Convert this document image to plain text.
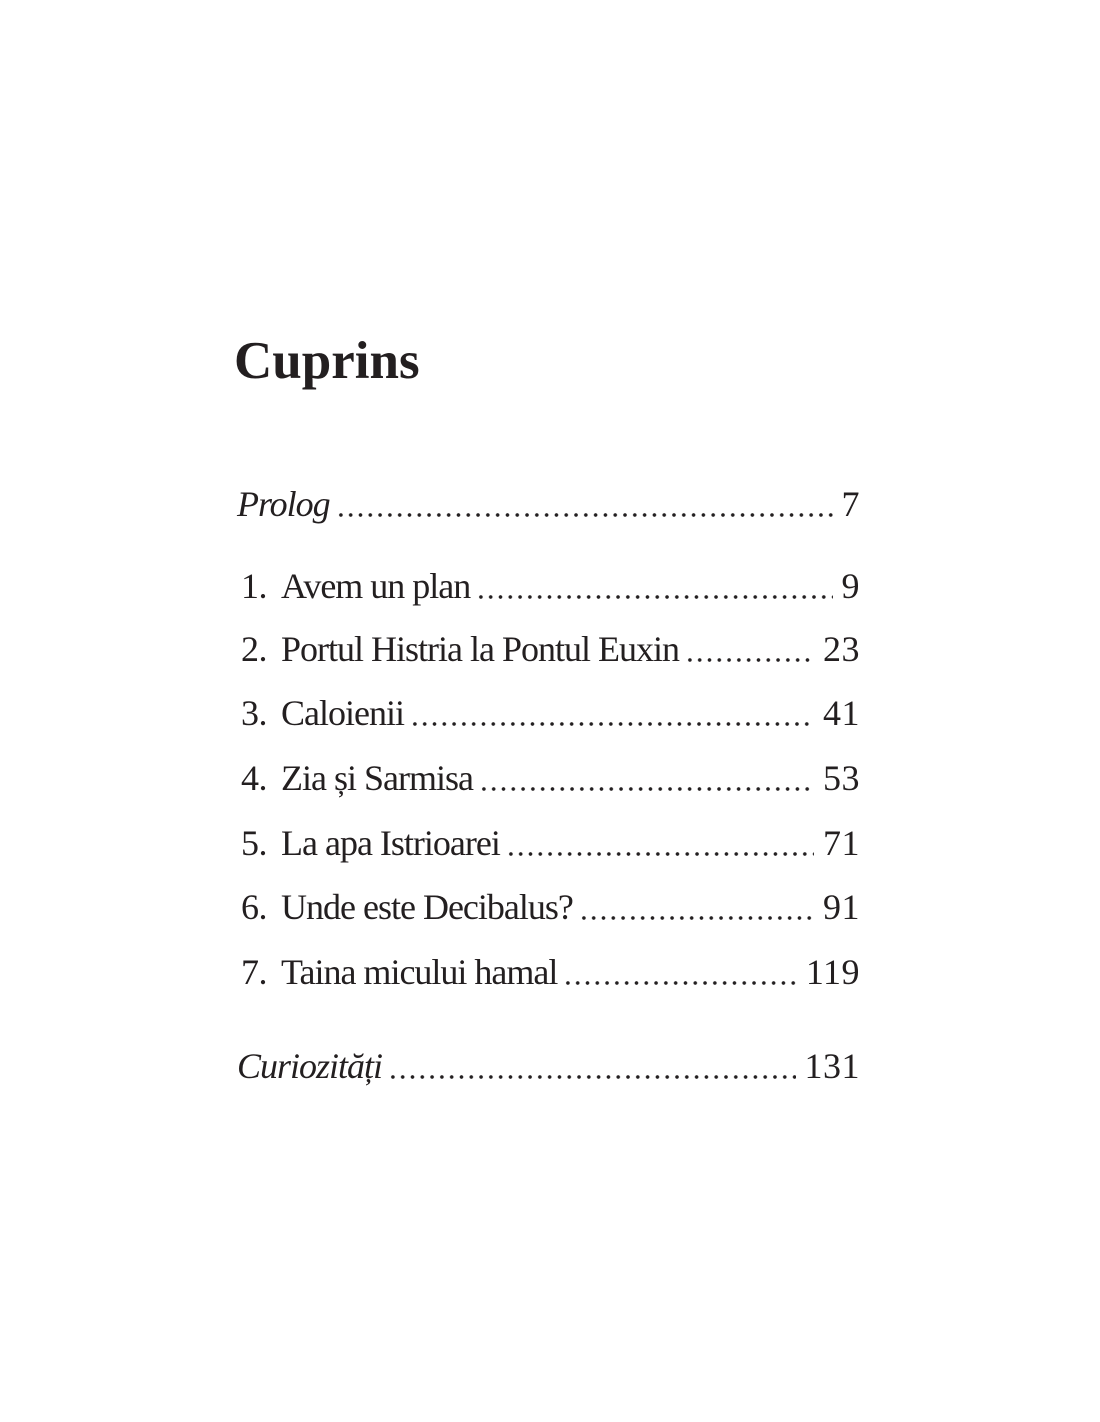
Cuprins
Prolog	7
1. Avem un plan	9
2. Portul Histria la Pontul Euxin	23
3. Caloienii	41
4. Zia și Sarmisa	53
5. La apa Istrioarei	71
6. Unde este Decibalus?	91
7. Taina micului hamal	119
Curiozități	131
